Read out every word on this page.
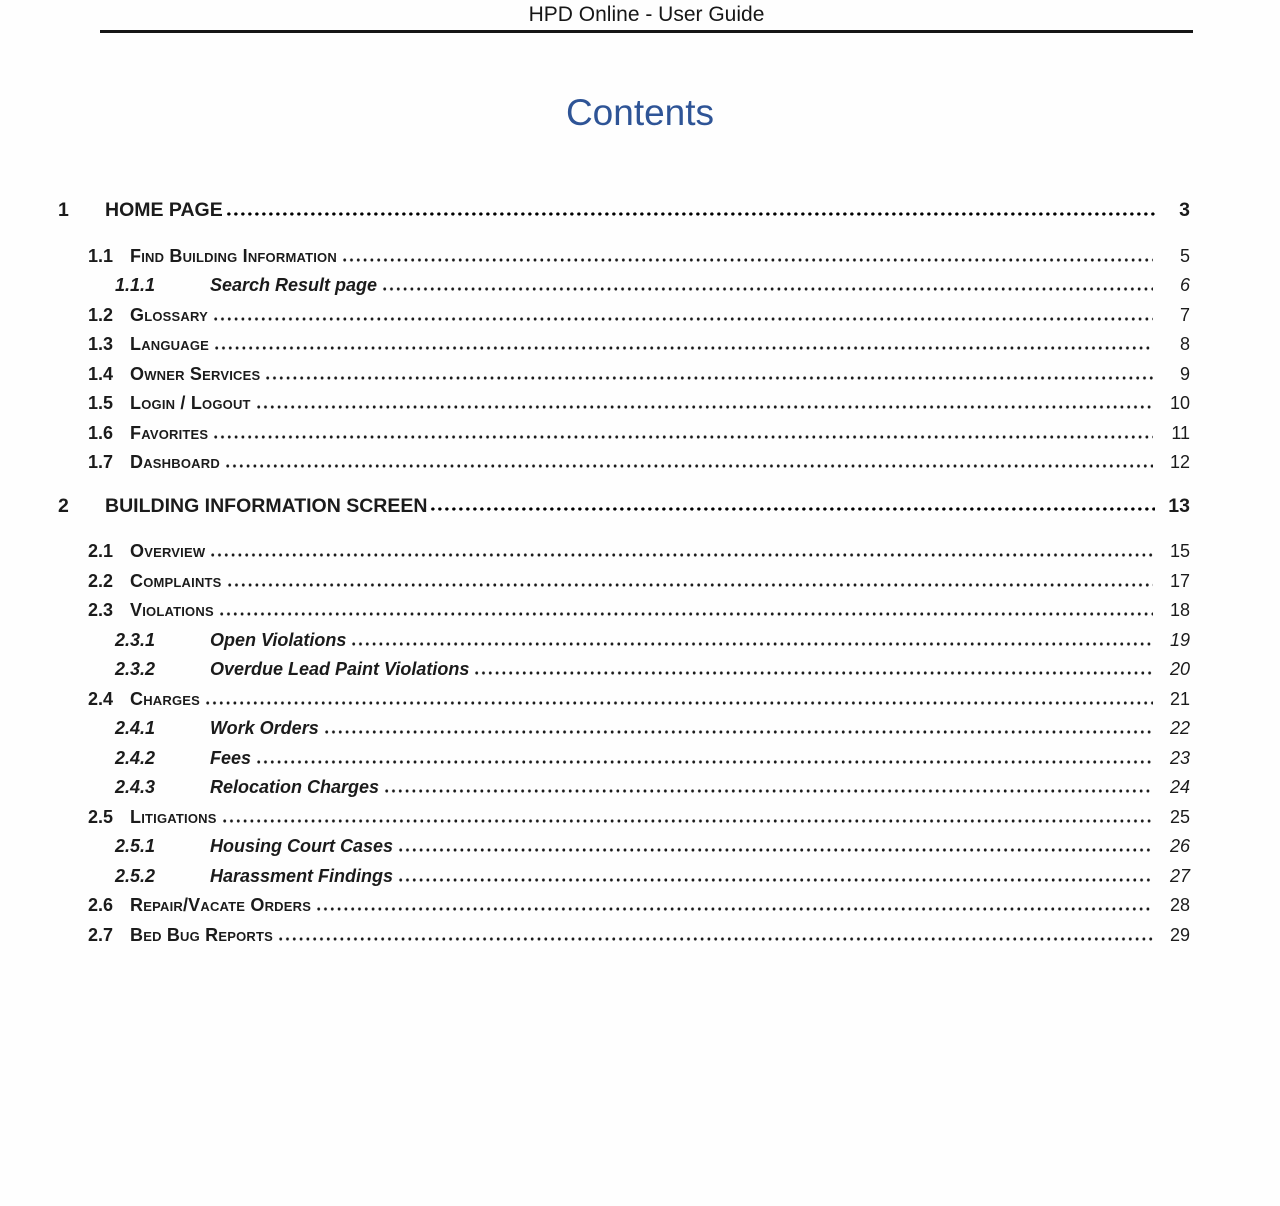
HPD Online - User Guide
Contents
1	HOME PAGE	3
1.1 Find Building Information	5
1.1.1	Search Result page	6
1.2 Glossary	7
1.3 Language	8
1.4 Owner Services	9
1.5 Login / Logout	10
1.6 Favorites	11
1.7 Dashboard	12
2	BUILDING INFORMATION SCREEN	13
2.1 Overview	15
2.2 Complaints	17
2.3 Violations	18
2.3.1	Open Violations	19
2.3.2	Overdue Lead Paint Violations	20
2.4 Charges	21
2.4.1	Work Orders	22
2.4.2	Fees	23
2.4.3	Relocation Charges	24
2.5 Litigations	25
2.5.1	Housing Court Cases	26
2.5.2	Harassment Findings	27
2.6 Repair/Vacate Orders	28
2.7 Bed Bug Reports	29
